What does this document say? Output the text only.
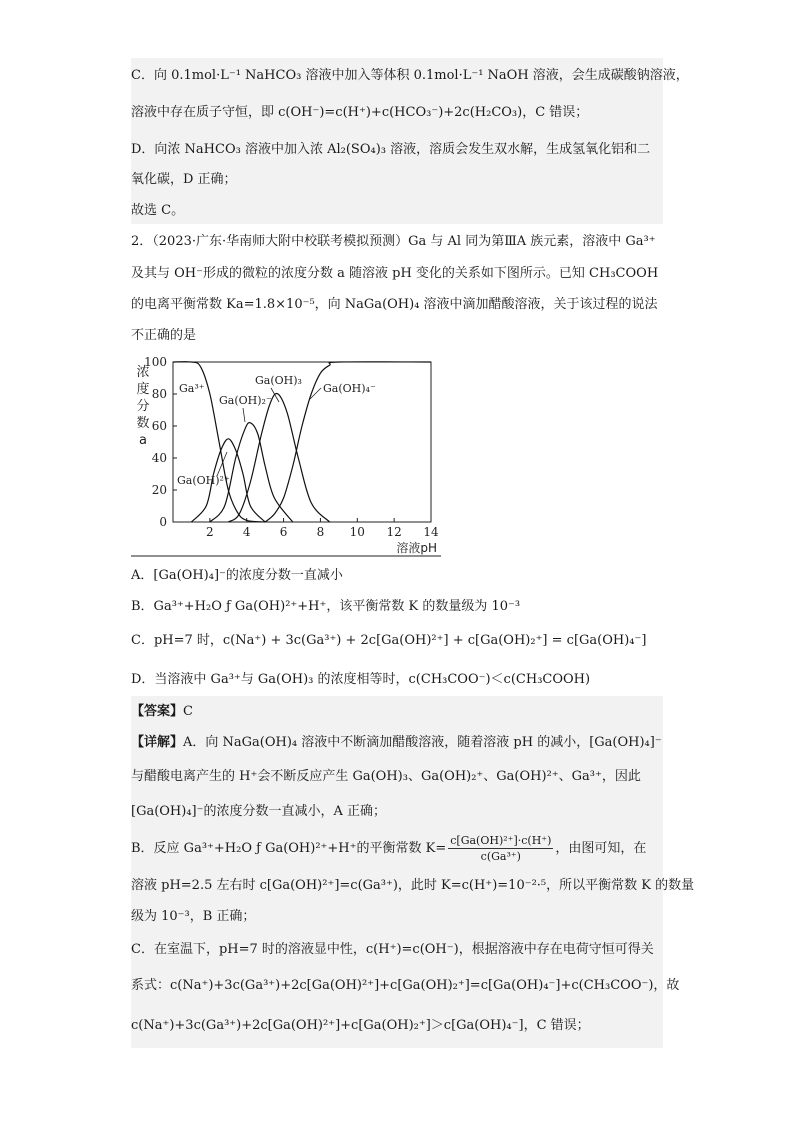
C．向 0.1mol·L⁻¹ NaHCO₃ 溶液中加入等体积 0.1mol·L⁻¹ NaOH 溶液，会生成碳酸钠溶液，
溶液中存在质子守恒，即 c(OH⁻)=c(H⁺)+c(HCO₃⁻)+2c(H₂CO₃)，C 错误；
D．向浓 NaHCO₃ 溶液中加入浓 Al₂(SO₄)₃ 溶液，溶质会发生双水解，生成氢氧化铝和二
氧化碳，D 正确；
故选 C。
2．（2023·广东·华南师大附中校联考模拟预测）Ga 与 Al 同为第ⅢA 族元素，溶液中 Ga³⁺
及其与 OH⁻形成的微粒的浓度分数 a 随溶液 pH 变化的关系如下图所示。已知 CH₃COOH
的电离平衡常数 Ka=1.8×10⁻⁵，向 NaGa(OH)₄ 溶液中滴加醋酸溶液，关于该过程的说法
不正确的是
0
20
40
60
80
100
2 4 6 8 10 12 14
浓
度
分
数
a
溶液pH
Ga³⁺
Ga(OH)²⁺
Ga(OH)₂⁻
Ga(OH)₃
Ga(OH)₄⁻
A．[Ga(OH)₄]⁻的浓度分数一直减小
B．Ga³⁺+H₂O ƒ Ga(OH)²⁺+H⁺，该平衡常数 K 的数量级为 10⁻³
C．pH=7 时，c(Na⁺) + 3c(Ga³⁺) + 2c[Ga(OH)²⁺] + c[Ga(OH)₂⁺] = c[Ga(OH)₄⁻]
D．当溶液中 Ga³⁺与 Ga(OH)₃ 的浓度相等时，c(CH₃COO⁻)＜c(CH₃COOH)
【答案】C
【详解】A．向 NaGa(OH)₄ 溶液中不断滴加醋酸溶液，随着溶液 pH 的减小，[Ga(OH)₄]⁻
与醋酸电离产生的 H⁺会不断反应产生 Ga(OH)₃、Ga(OH)₂⁺、Ga(OH)²⁺、Ga³⁺，因此
[Ga(OH)₄]⁻的浓度分数一直减小，A 正确；
B．反应 Ga³⁺+H₂O ƒ Ga(OH)²⁺+H⁺的平衡常数 $K= \frac{\text{c[Ga(OH)²⁺]·c(H⁺)}}{\text{c(Ga³⁺)}}$ ，由图可知，在
溶液 pH=2.5 左右时 c[Ga(OH)²⁺]=c(Ga³⁺)，此时 K=c(H⁺)=10⁻²·⁵，所以平衡常数 K 的数量
级为 10⁻³，B 正确；
C．在室温下，pH=7 时的溶液显中性，c(H⁺)=c(OH⁻)，根据溶液中存在电荷守恒可得关
系式：c(Na⁺)+3c(Ga³⁺)+2c[Ga(OH)²⁺]+c[Ga(OH)₂⁺]=c[Ga(OH)₄⁻]+c(CH₃COO⁻)，故
c(Na⁺)+3c(Ga³⁺)+2c[Ga(OH)²⁺]+c[Ga(OH)₂⁺]＞c[Ga(OH)₄⁻]，C 错误；
